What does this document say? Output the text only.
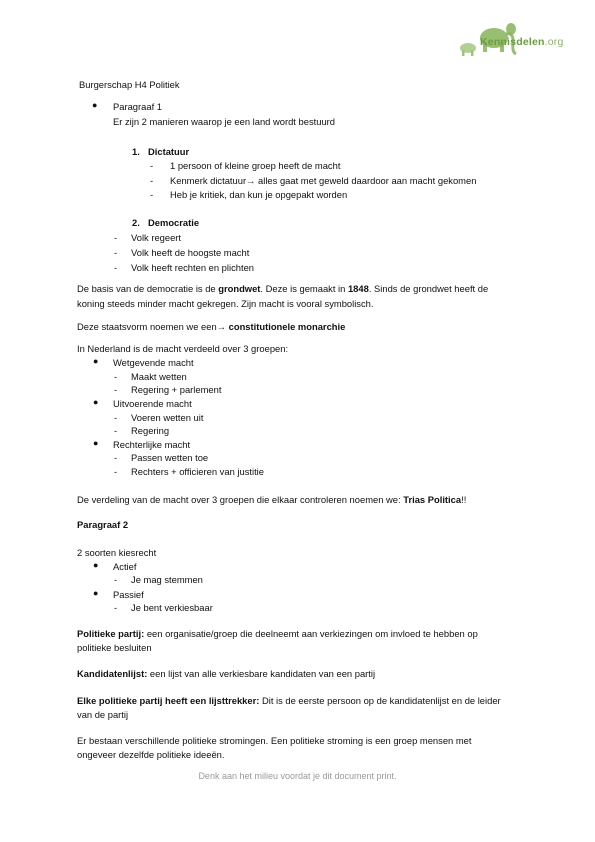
Kennisdelen.org
Burgerschap H4 Politiek
● Paragraaf 1
Er zijn 2 manieren waarop je een land wordt bestuurd
1. Dictatuur
- 1 persoon of kleine groep heeft de macht
- Kenmerk dictatuur→ alles gaat met geweld daardoor aan macht gekomen
- Heb je kritiek, dan kun je opgepakt worden
2. Democratie
- Volk regeert
- Volk heeft de hoogste macht
- Volk heeft rechten en plichten
De basis van de democratie is de grondwet. Deze is gemaakt in 1848. Sinds de grondwet heeft de
koning steeds minder macht gekregen. Zijn macht is vooral symbolisch.
Deze staatsvorm noemen we een→ constitutionele monarchie
In Nederland is de macht verdeeld over 3 groepen:
● Wetgevende macht
- Maakt wetten
- Regering + parlement
● Uitvoerende macht
- Voeren wetten uit
- Regering
● Rechterlijke macht
- Passen wetten toe
- Rechters + officieren van justitie
De verdeling van de macht over 3 groepen die elkaar controleren noemen we: Trias Politica!!
Paragraaf 2
2 soorten kiesrecht
● Actief
- Je mag stemmen
● Passief
- Je bent verkiesbaar
Politieke partij: een organisatie/groep die deelneemt aan verkiezingen om invloed te hebben op
politieke besluiten
Kandidatenlijst: een lijst van alle verkiesbare kandidaten van een partij
Elke politieke partij heeft een lijsttrekker: Dit is de eerste persoon op de kandidatenlijst en de leider
van de partij
Er bestaan verschillende politieke stromingen. Een politieke stroming is een groep mensen met
ongeveer dezelfde politieke ideeën.
Denk aan het milieu voordat je dit document print.
